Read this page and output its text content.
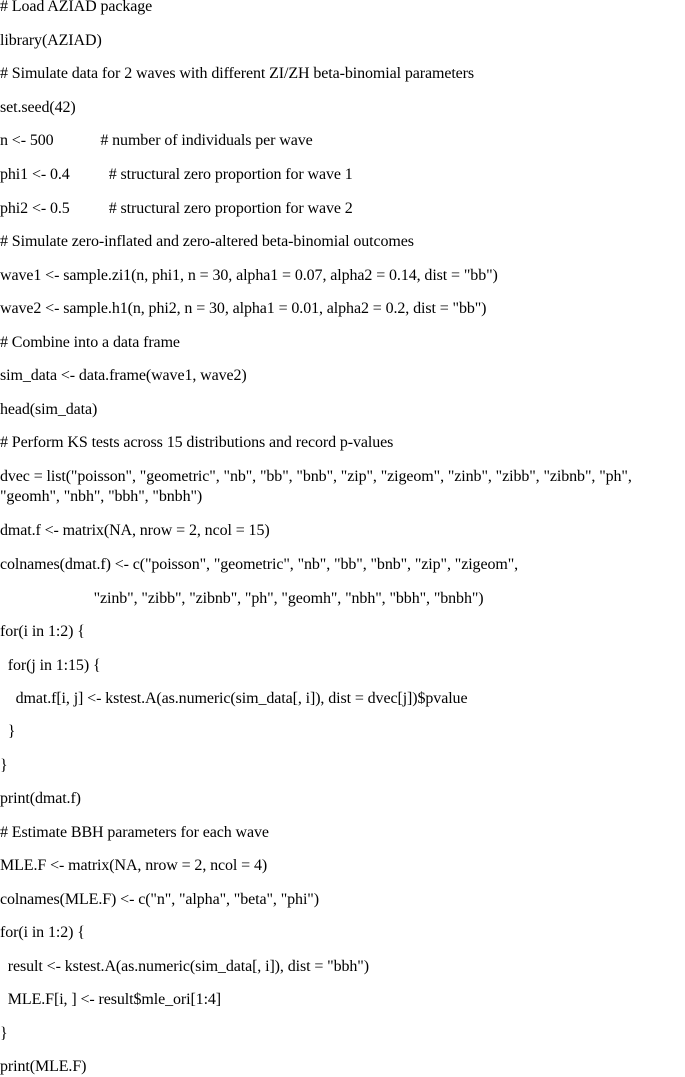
# Load AZIAD package
library(AZIAD)
# Simulate data for 2 waves with different ZI/ZH beta-binomial parameters
set.seed(42)
n <- 500            # number of individuals per wave
phi1 <- 0.4          # structural zero proportion for wave 1
phi2 <- 0.5          # structural zero proportion for wave 2
# Simulate zero-inflated and zero-altered beta-binomial outcomes
wave1 <- sample.zi1(n, phi1, n = 30, alpha1 = 0.07, alpha2 = 0.14, dist = "bb")
wave2 <- sample.h1(n, phi2, n = 30, alpha1 = 0.01, alpha2 = 0.2, dist = "bb")
# Combine into a data frame
sim_data <- data.frame(wave1, wave2)
head(sim_data)
# Perform KS tests across 15 distributions and record p-values
dvec = list("poisson", "geometric", "nb", "bb", "bnb", "zip", "zigeom", "zinb", "zibb", "zibnb", "ph", "geomh", "nbh", "bbh", "bnbh")
dmat.f <- matrix(NA, nrow = 2, ncol = 15)
colnames(dmat.f) <- c("poisson", "geometric", "nb", "bb", "bnb", "zip", "zigeom",
"zinb", "zibb", "zibnb", "ph", "geomh", "nbh", "bbh", "bnbh")
for(i in 1:2) {
for(j in 1:15) {
dmat.f[i, j] <- kstest.A(as.numeric(sim_data[, i]), dist = dvec[j])$pvalue
}
}
print(dmat.f)
# Estimate BBH parameters for each wave
MLE.F <- matrix(NA, nrow = 2, ncol = 4)
colnames(MLE.F) <- c("n", "alpha", "beta", "phi")
for(i in 1:2) {
result <- kstest.A(as.numeric(sim_data[, i]), dist = "bbh")
MLE.F[i, ] <- result$mle_ori[1:4]
}
print(MLE.F)
